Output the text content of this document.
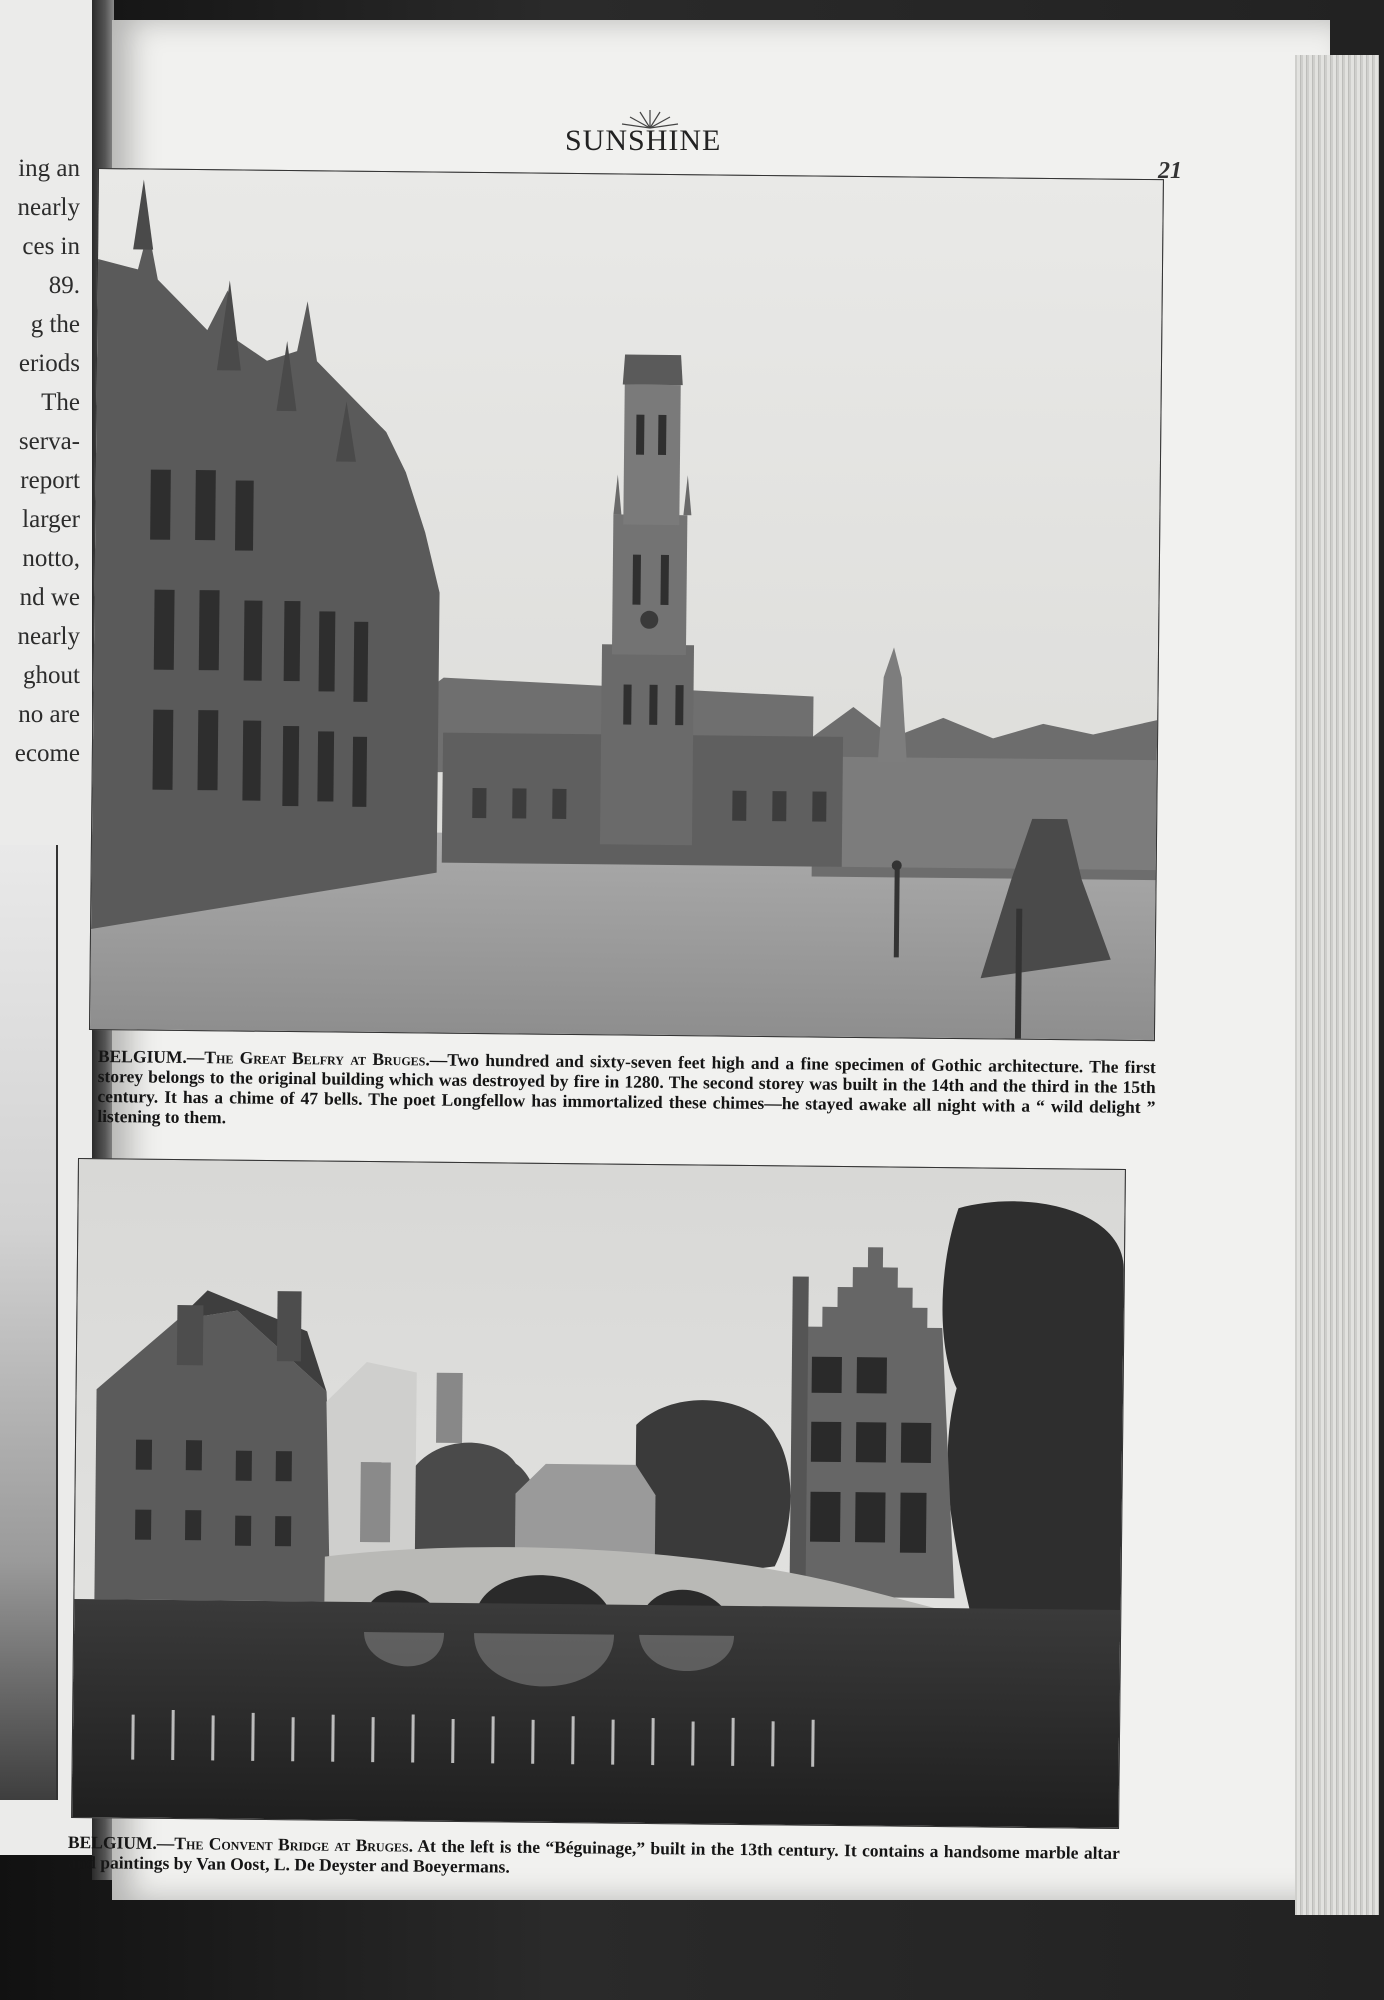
ing an
nearly
ces in
89.
g the
eriods
The
serva-
report
larger
notto,
nd we
nearly
ghout
no are
ecome
SUNSHINE
21

BELGIUM.—The Great Belfry at Bruges.—Two hundred and sixty-seven feet high and a fine specimen of Gothic architecture. The first storey belongs to the original building which was destroyed by fire in 1280. The second storey was built in the 14th and the third in the 15th century. It has a chime of 47 bells. The poet Longfellow has immortalized these chimes—he stayed awake all night with a “ wild delight ” listening to them.

BELGIUM.—The Convent Bridge at Bruges. At the left is the “Béguinage,” built in the 13th century. It contains a handsome marble altar and paintings by Van Oost, L. De Deyster and Boeyermans.
